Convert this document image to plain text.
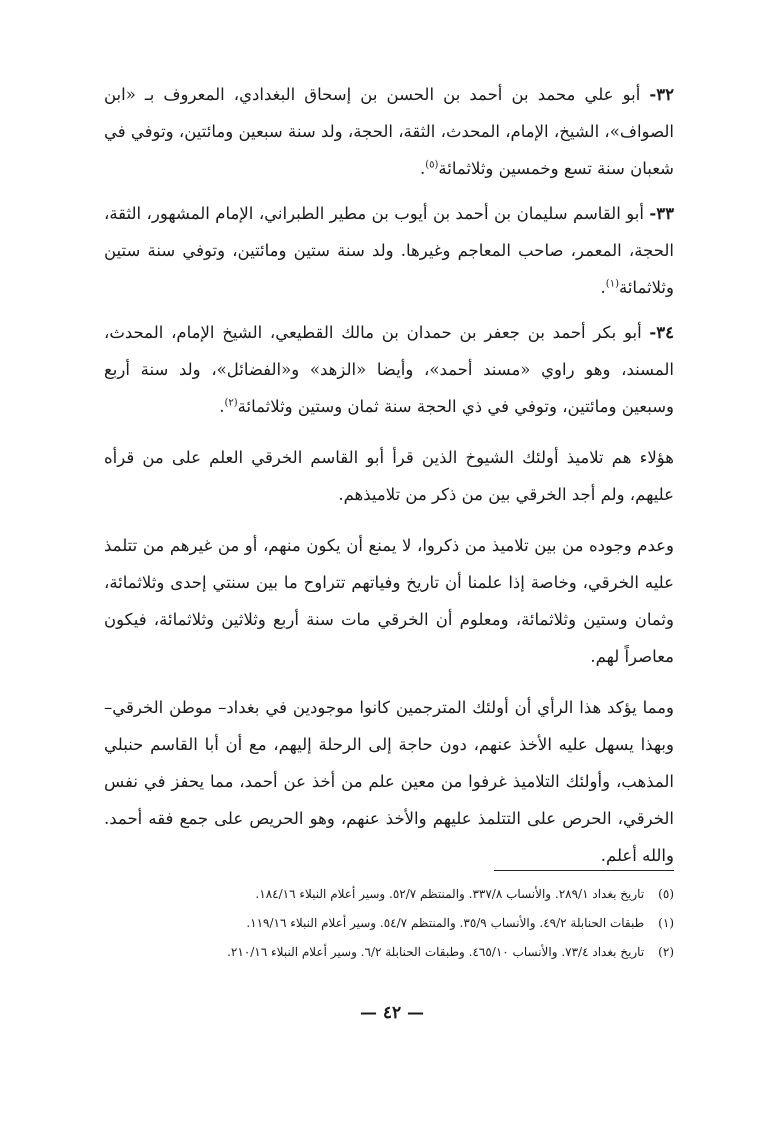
٣٢- أبو علي محمد بن أحمد بن الحسن بن إسحاق البغدادي، المعروف بـ «ابن الصواف»، الشيخ، الإمام، المحدث، الثقة، الحجة، ولد سنة سبعين ومائتين، وتوفي في شعبان سنة تسع وخمسين وثلاثمائة$^{(٥)}$.

٣٣- أبو القاسم سليمان بن أحمد بن أيوب بن مطير الطبراني، الإمام المشهور، الثقة، الحجة، المعمر، صاحب المعاجم وغيرها. ولد سنة ستين ومائتين، وتوفي سنة ستين وثلاثمائة$^{(١)}$.

٣٤- أبو بكر أحمد بن جعفر بن حمدان بن مالك القطيعي، الشيخ الإمام، المحدث، المسند، وهو راوي «مسند أحمد»، وأيضا «الزهد» و«الفضائل»، ولد سنة أربع وسبعين ومائتين، وتوفي في ذي الحجة سنة ثمان وستين وثلاثمائة$^{(٢)}$.

هؤلاء هم تلاميذ أولئك الشيوخ الذين قرأ أبو القاسم الخرقي العلم على من قرأه عليهم، ولم أجد الخرقي بين من ذكر من تلاميذهم.

وعدم وجوده من بين تلاميذ من ذكروا، لا يمنع أن يكون منهم، أو من غيرهم من تتلمذ عليه الخرقي، وخاصة إذا علمنا أن تاريخ وفياتهم تتراوح ما بين سنتي إحدى وثلاثمائة، وثمان وستين وثلاثمائة، ومعلوم أن الخرقي مات سنة أربع وثلاثين وثلاثمائة، فيكون معاصراً لهم.

ومما يؤكد هذا الرأي أن أولئك المترجمين كانوا موجودين في بغداد– موطن الخرقي– وبهذا يسهل عليه الأخذ عنهم، دون حاجة إلى الرحلة إليهم، مع أن أبا القاسم حنبلي المذهب، وأولئك التلاميذ غرفوا من معين علم من أخذ عن أحمد، مما يحفز في نفس الخرقي، الحرص على التتلمذ عليهم والأخذ عنهم، وهو الحريص على جمع فقه أحمد. والله أعلم.

(٥) تاريخ بغداد ٢٨٩/١. والأنساب ٣٣٧/٨. والمنتظم ٥٢/٧. وسير أعلام النبلاء ١٨٤/١٦.
(١) طبقات الحنابلة ٤٩/٢. والأنساب ٣٥/٩. والمنتظم ٥٤/٧. وسير أعلام النبلاء ١١٩/١٦.
(٢) تاريخ بغداد ٧٣/٤. والأنساب ٤٦٥/١٠. وطبقات الحنابلة ٦/٢. وسير أعلام النبلاء ٢١٠/١٦.
— ٤٢ —
